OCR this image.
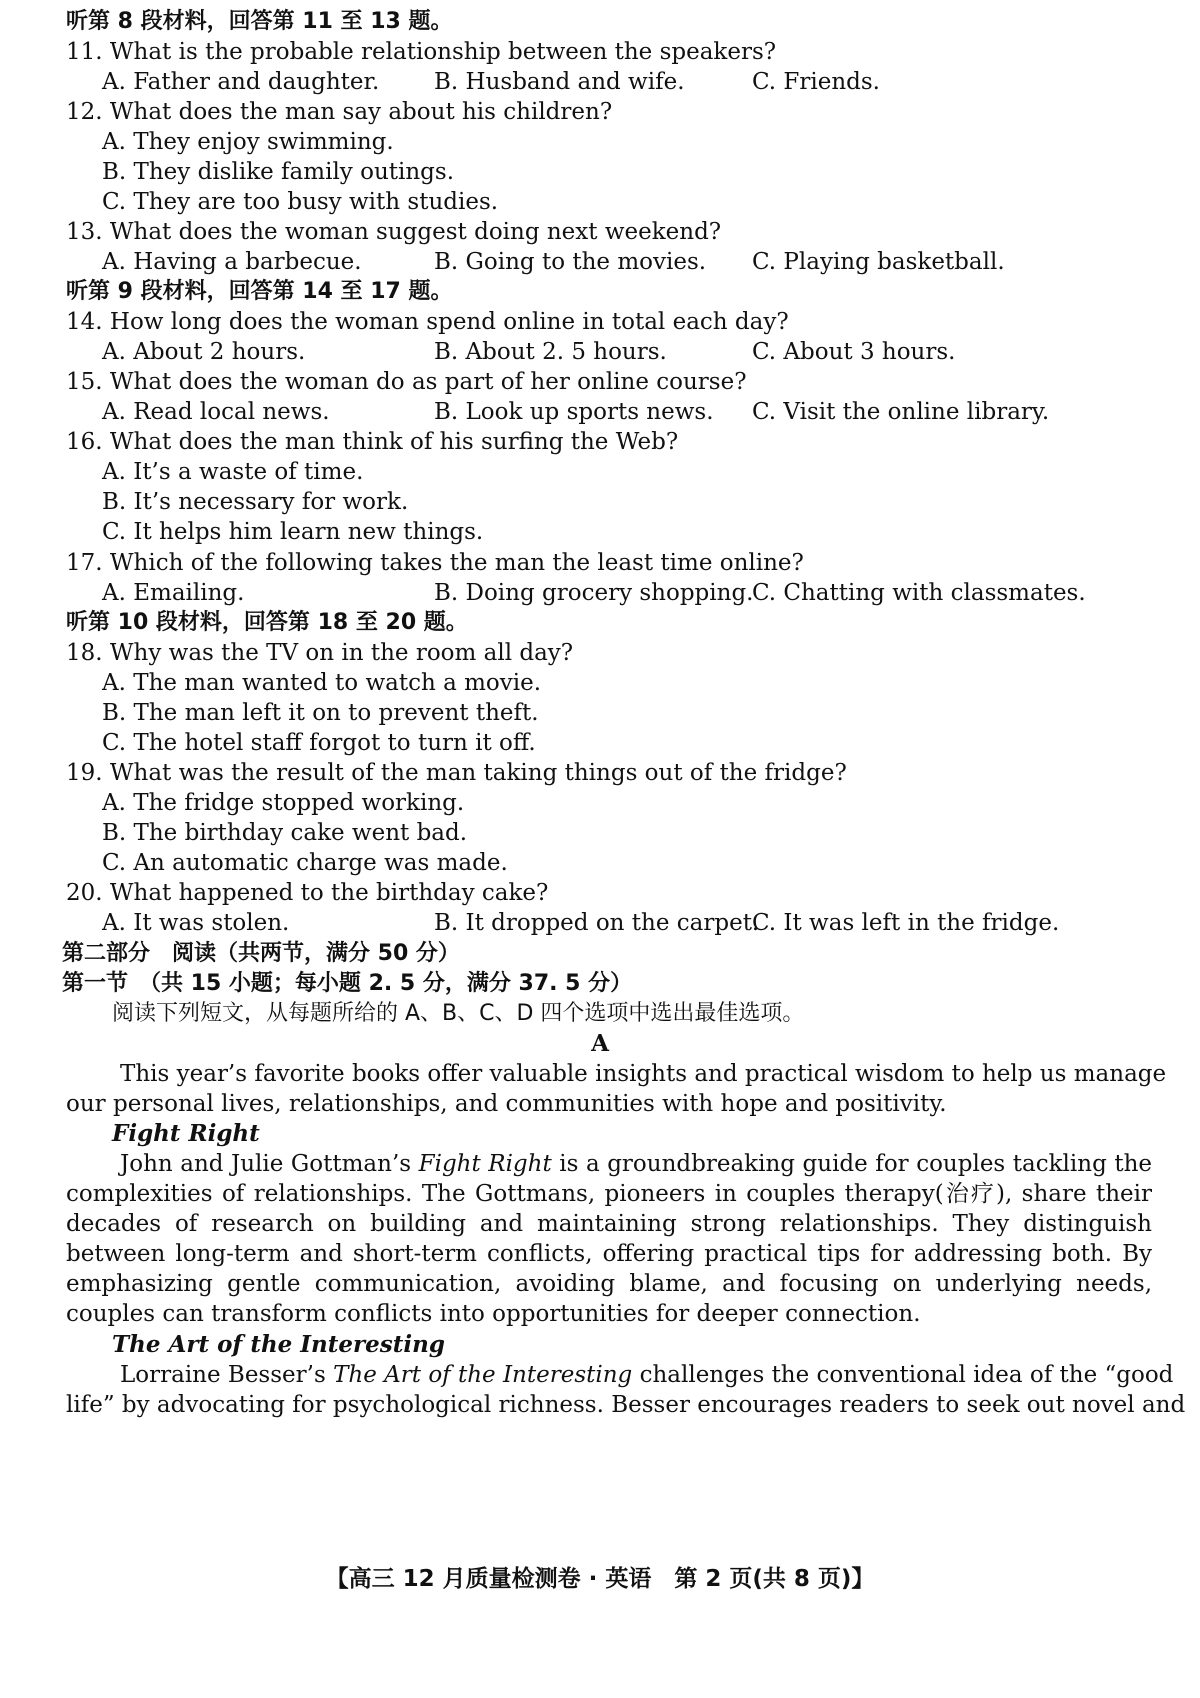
听第 8 段材料，回答第 11 至 13 题。
11. What is the probable relationship between the speakers?
A. Father and daughter. B. Husband and wife.	C. Friends.
12. What does the man say about his children?
A. They enjoy swimming.
B. They dislike family outings.
C. They are too busy with studies.
13. What does the woman suggest doing next weekend?
A. Having a barbecue.	B. Going to the movies. C. Playing basketball.
听第 9 段材料，回答第 14 至 17 题。
14. How long does the woman spend online in total each day?
A. About 2 hours.	B. About 2. 5 hours.	C. About 3 hours.
15. What does the woman do as part of her online course?
A. Read local news.	B. Look up sports news. C. Visit the online library.
16. What does the man think of his surfing the Web?
A. It’s a waste of time.
B. It’s necessary for work.
C. It helps him learn new things.
17. Which of the following takes the man the least time online?
A. Emailing.	B. Doing grocery shopping.
C. Chatting with classmates.
听第 10 段材料，回答第 18 至 20 题。
18. Why was the TV on in the room all day?
A. The man wanted to watch a movie.
B. The man left it on to prevent theft.
C. The hotel staff forgot to turn it off.
19. What was the result of the man taking things out of the fridge?
A. The fridge stopped working.
B. The birthday cake went bad.
C. An automatic charge was made.
20. What happened to the birthday cake?
A. It was stolen.	B. It dropped on the carpet.
C. It was left in the fridge.
第二部分　阅读（共两节，满分 50 分）
第一节　（共 15 小题；每小题 2. 5 分，满分 37. 5 分）
阅读下列短文，从每题所给的 A、B、C、D 四个选项中选出最佳选项。
A
This year’s favorite books offer valuable insights and practical wisdom to help us manage
our personal lives, relationships, and communities with hope and positivity.
Fight Right
John and Julie Gottman’s Fight Right is a groundbreaking guide for couples tackling the
complexities of relationships. The Gottmans, pioneers in couples therapy(治疗), share their
decades of research on building and maintaining strong relationships. They distinguish
between long-term and short-term conflicts, offering practical tips for addressing both. By
emphasizing gentle communication, avoiding blame, and focusing on underlying needs,
couples can transform conflicts into opportunities for deeper connection.
The Art of the Interesting
Lorraine Besser’s The Art of the Interesting challenges the conventional idea of the “good
life” by advocating for psychological richness. Besser encourages readers to seek out novel and
【高三 12 月质量检测卷 · 英语　第 2 页(共 8 页)】
